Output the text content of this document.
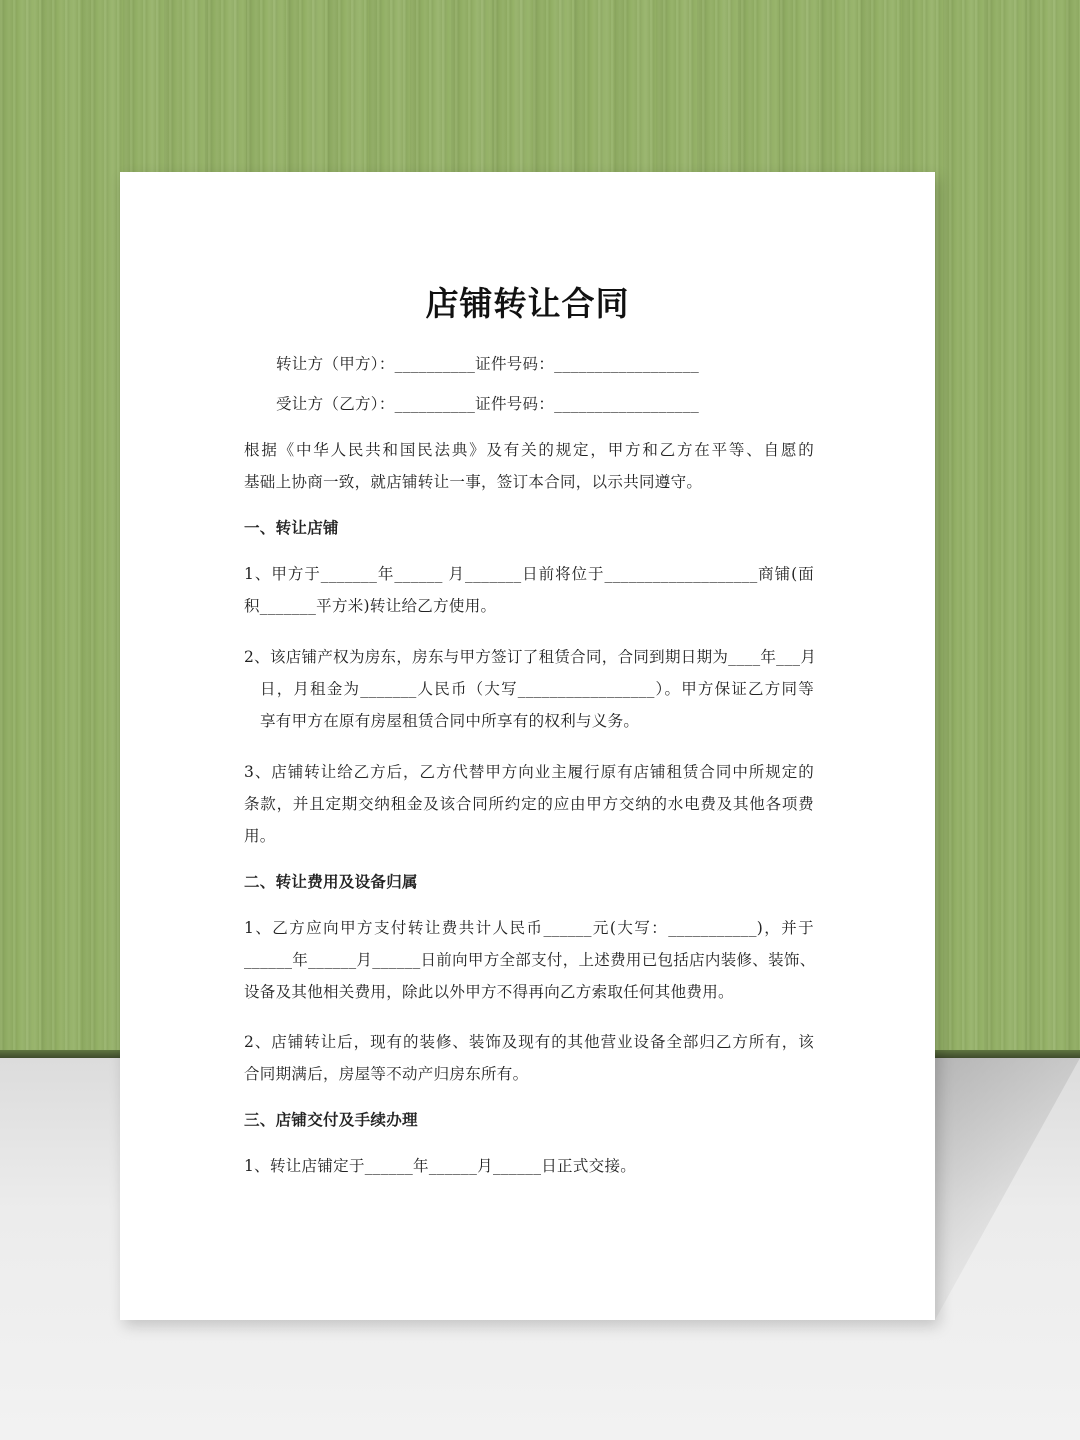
店铺转让合同
转让方（甲方）：__________证件号码：__________________
受让方（乙方）：__________证件号码：__________________
根据《中华人民共和国民法典》及有关的规定，甲方和乙方在平等、自愿的
基础上协商一致，就店铺转让一事，签订本合同，以示共同遵守。
一、转让店铺
1、甲方于_______年______ 月_______日前将位于___________________商铺(面
积_______平方米)转让给乙方使用。
2、该店铺产权为房东，房东与甲方签订了租赁合同，合同到期日期为____年___月
日，月租金为_______人民币（大写_________________）。甲方保证乙方同等
享有甲方在原有房屋租赁合同中所享有的权利与义务。
3、店铺转让给乙方后，乙方代替甲方向业主履行原有店铺租赁合同中所规定的
条款，并且定期交纳租金及该合同所约定的应由甲方交纳的水电费及其他各项费
用。
二、转让费用及设备归属
1、乙方应向甲方支付转让费共计人民币______元(大写：___________)，并于
______年______月______日前向甲方全部支付，上述费用已包括店内装修、装饰、
设备及其他相关费用，除此以外甲方不得再向乙方索取任何其他费用。
2、店铺转让后，现有的装修、装饰及现有的其他营业设备全部归乙方所有，该
合同期满后，房屋等不动产归房东所有。
三、店铺交付及手续办理
1、转让店铺定于______年______月______日正式交接。
